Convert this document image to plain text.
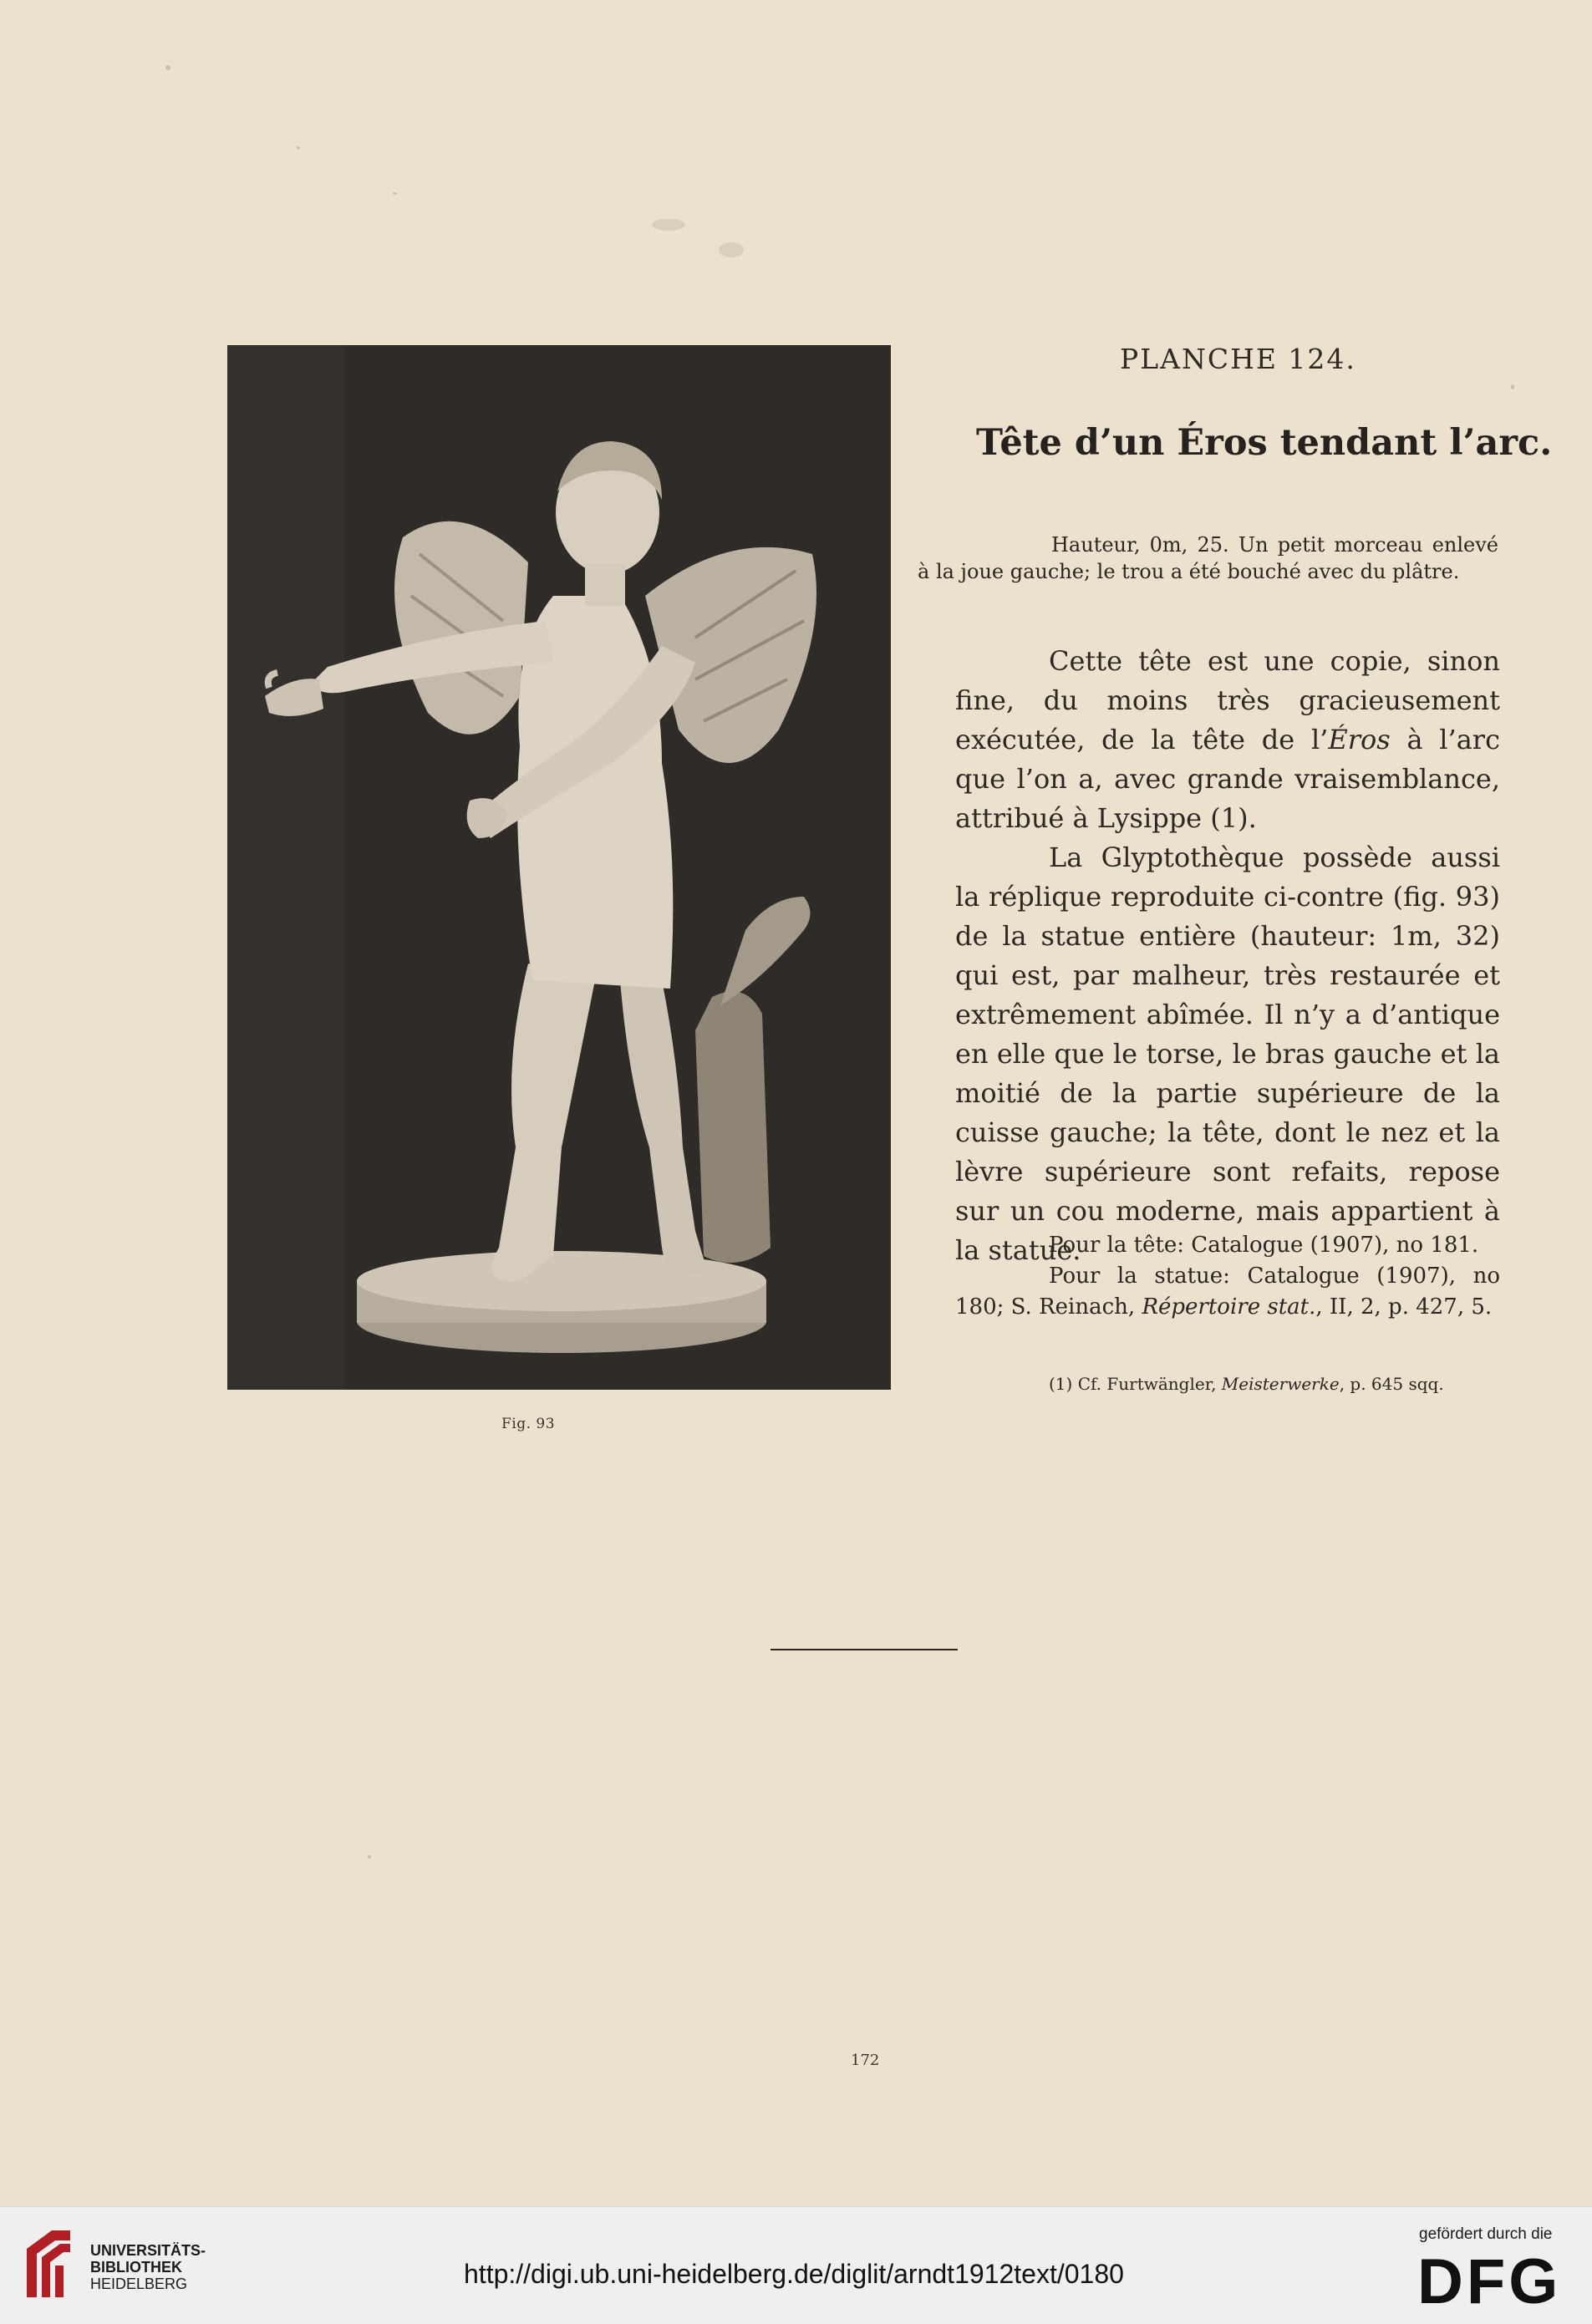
Fig. 93
PLANCHE 124.
Tête d’un Éros tendant l’arc.
Hauteur, 0m, 25. Un petit morceau enlevé à la joue gauche; le trou a été bouché avec du plâtre.

Cette tête est une copie, sinon fine, du moins très gracieusement exécutée, de la tête de l’Éros à l’arc que l’on a, avec grande vraisemblance, attribué à Lysippe (1).

La Glyptothèque possède aussi la réplique reproduite ci-contre (fig. 93) de la statue entière (hauteur: 1m, 32) qui est, par malheur, très restaurée et extrêmement abîmée. Il n’y a d’antique en elle que le torse, le bras gauche et la moitié de la partie supérieure de la cuisse gauche; la tête, dont le nez et la lèvre supérieure sont refaits, repose sur un cou moderne, mais appartient à la statue.

Pour la tête: Catalogue (1907), no 181.

Pour la statue: Catalogue (1907), no 180; S. Reinach, Répertoire stat., II, 2, p. 427, 5.

(1) Cf. Furtwängler, Meisterwerke, p. 645 sqq.
172
UNIVERSITÄTS-
BIBLIOTHEK
HEIDELBERG	http://digi.ub.uni-heidelberg.de/diglit/arndt1912text/0180
gefördert durch die
DFG
